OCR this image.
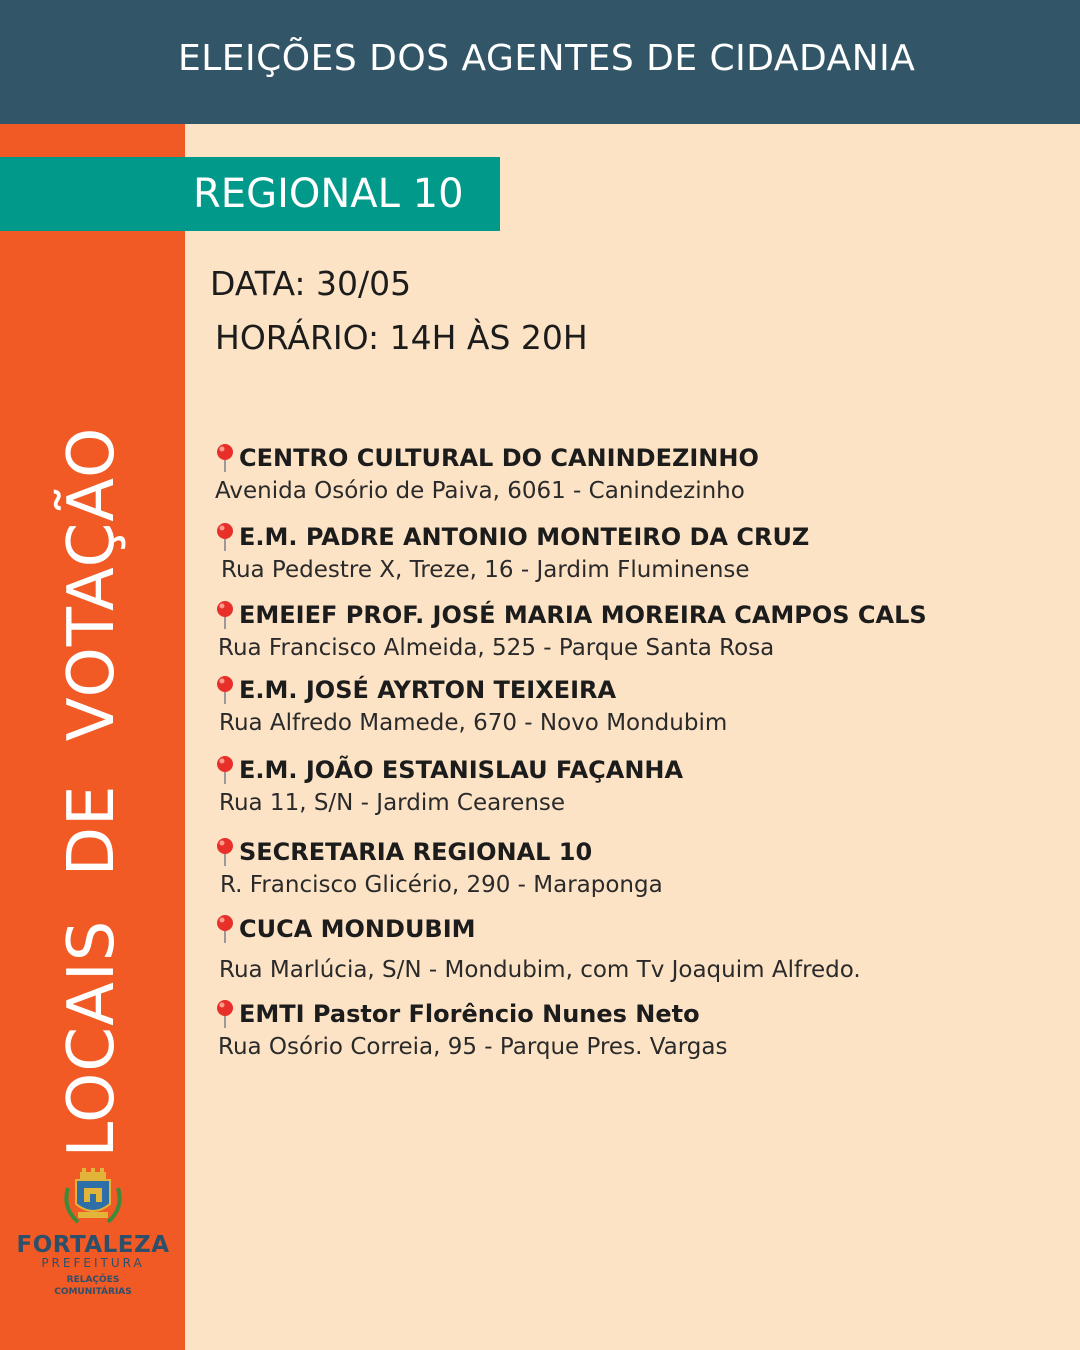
ELEIÇÕES DOS AGENTES DE CIDADANIA
LOCAIS DE VOTAÇÃO
REGIONAL 10
DATA: 30/05
HORÁRIO: 14H ÀS 20H
CENTRO CULTURAL DO CANINDEZINHO
Avenida Osório de Paiva, 6061 - Canindezinho
E.M. PADRE ANTONIO MONTEIRO DA CRUZ
Rua Pedestre X, Treze, 16 - Jardim Fluminense
EMEIEF PROF. JOSÉ MARIA MOREIRA CAMPOS CALS
Rua Francisco Almeida, 525 - Parque Santa Rosa
E.M. JOSÉ AYRTON TEIXEIRA
Rua Alfredo Mamede, 670 - Novo Mondubim
E.M. JOÃO ESTANISLAU FAÇANHA
Rua 11, S/N - Jardim Cearense
SECRETARIA REGIONAL 10
R. Francisco Glicério, 290 - Maraponga
CUCA MONDUBIM
Rua Marlúcia, S/N - Mondubim, com Tv Joaquim Alfredo.
EMTI Pastor Florêncio Nunes Neto
Rua Osório Correia, 95 - Parque Pres. Vargas
FORTALEZA
PREFEITURA
RELAÇÕES
COMUNITÁRIAS
